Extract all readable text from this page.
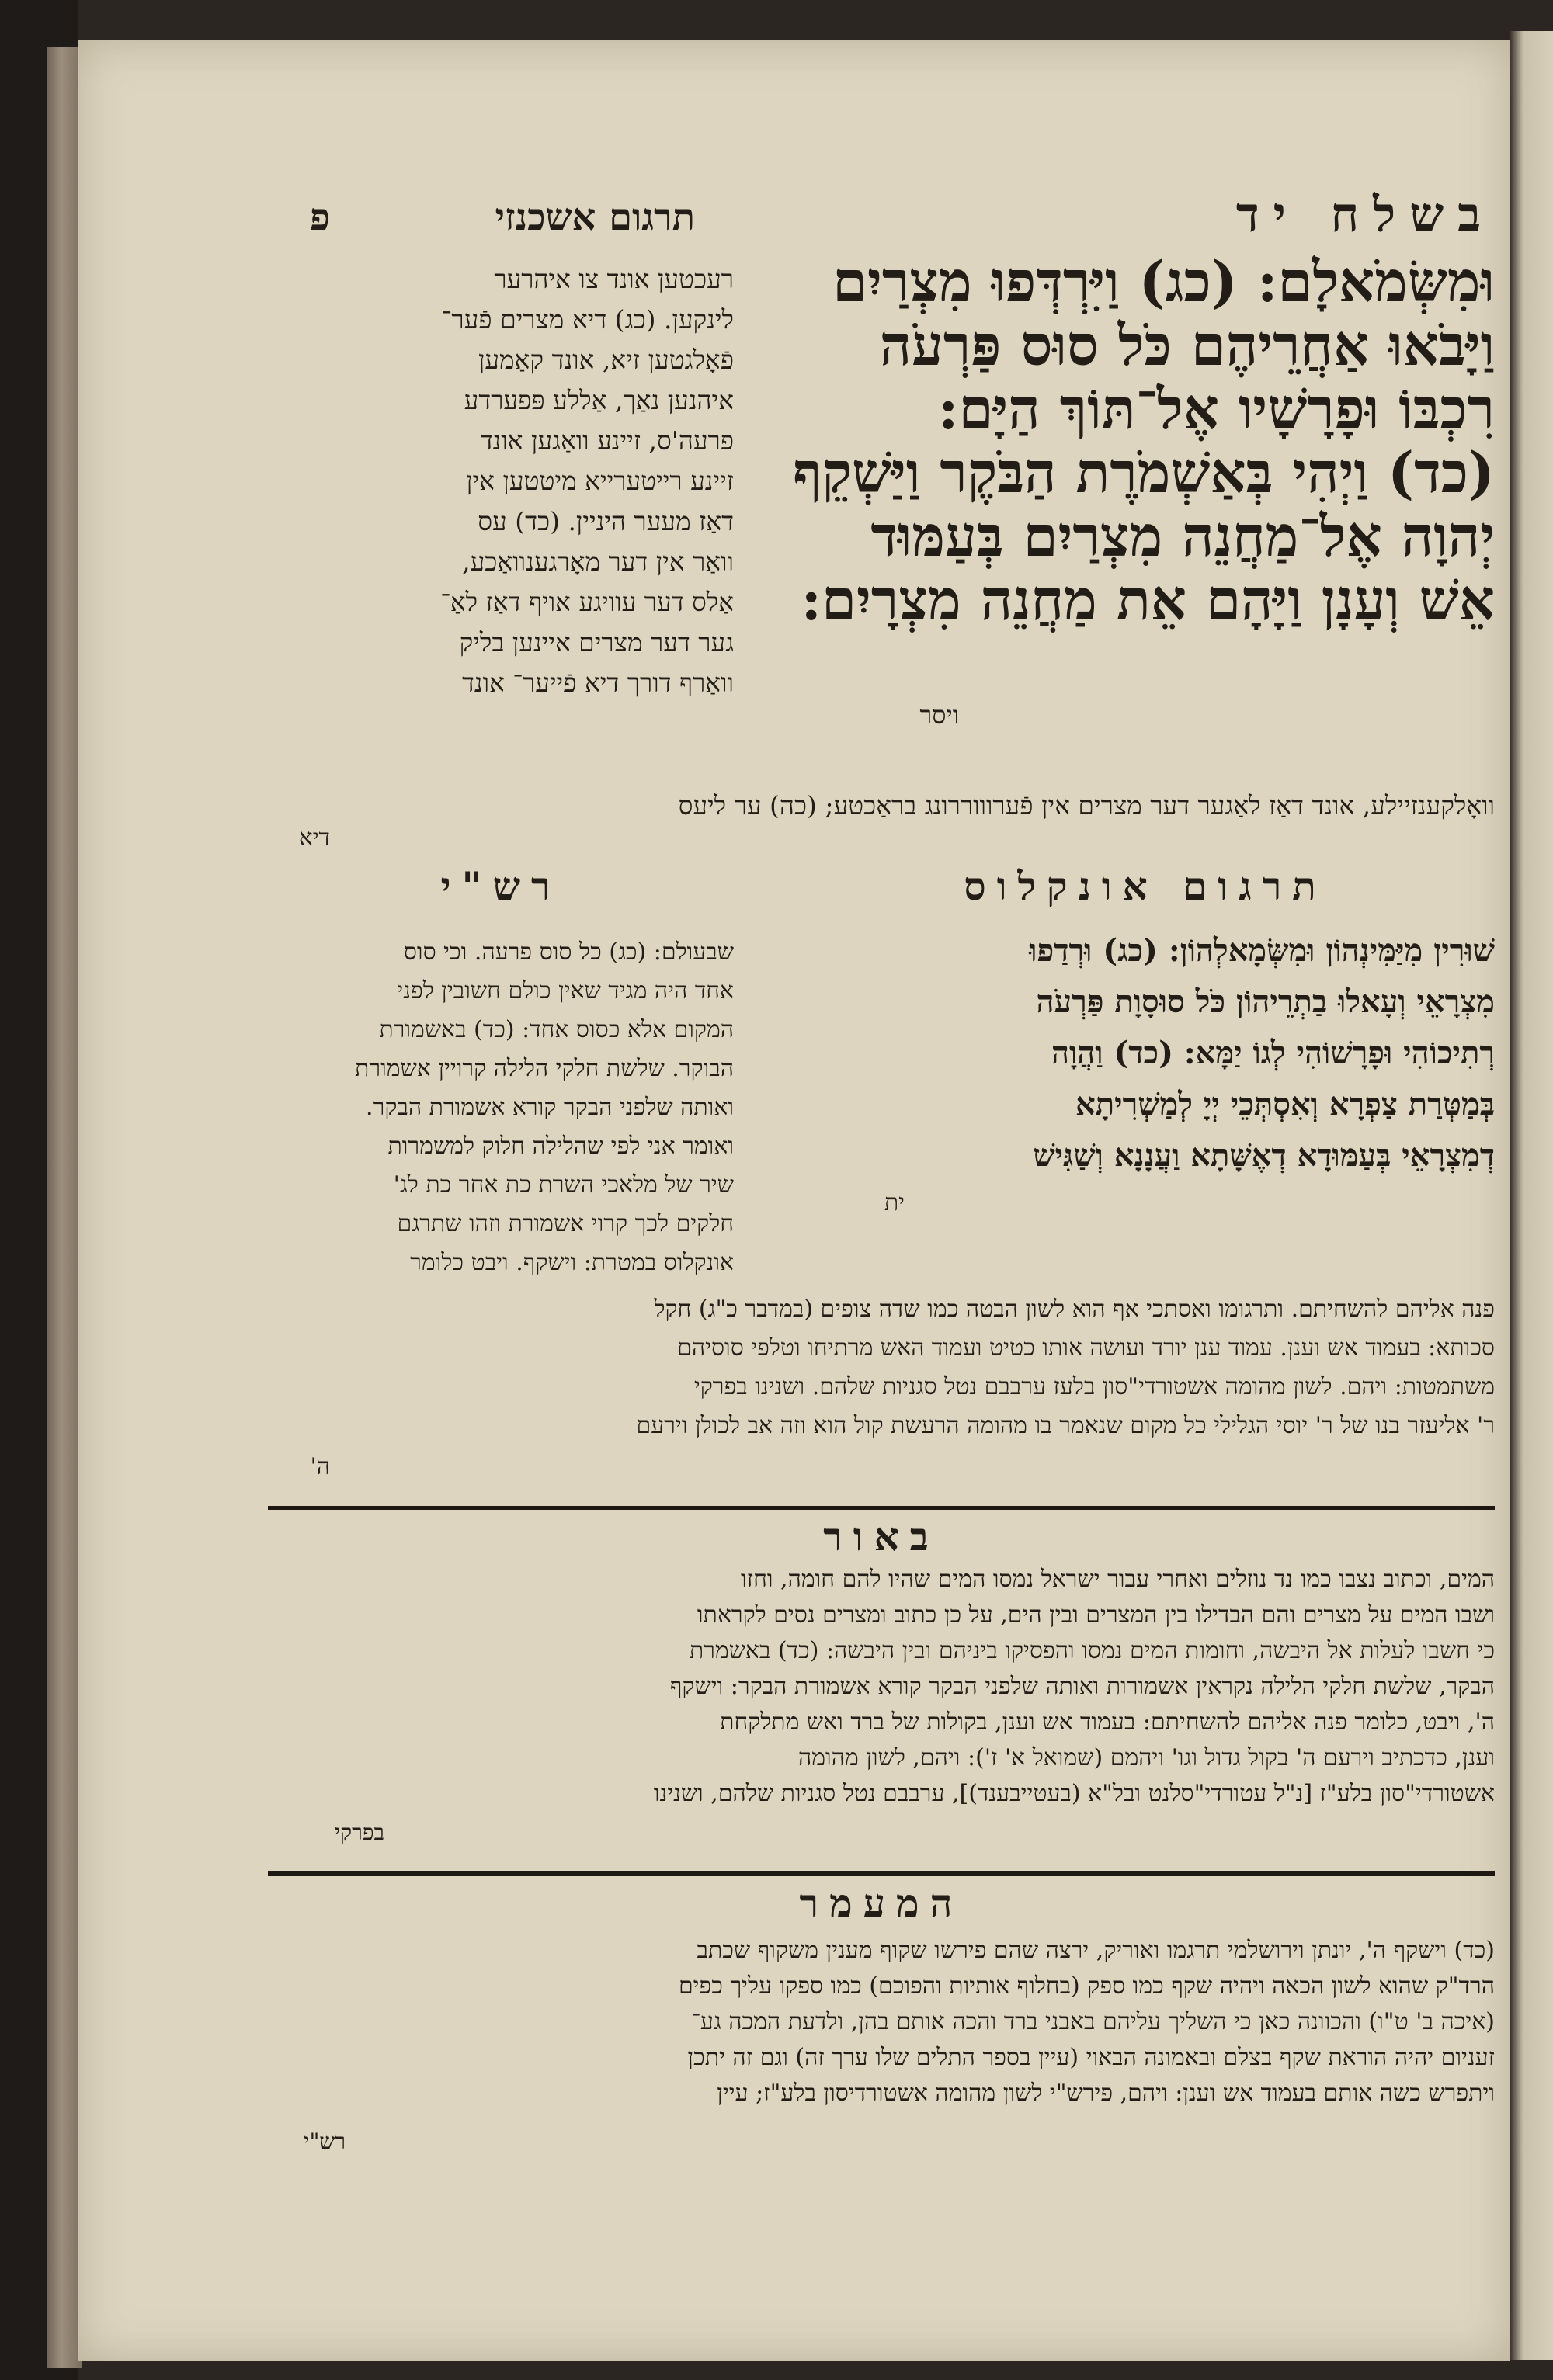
בשלח יד
תרגום אשכנזי
פ
וּמִשְּׂמֹאלָם: (כג) וַיִּרְדְּפוּ מִצְרַיִם
וַיָּבֹאוּ אַחֲרֵיהֶם כֹּל סוּס פַּרְעֹה
רִכְבּוֹ וּפָרָשָׁיו אֶל־תּוֹךְ הַיָּם:
(כד) וַיְהִי בְּאַשְׁמֹרֶת הַבֹּקֶר וַיַּשְׁקֵף
יְהוָה אֶל־מַחֲנֵה מִצְרַיִם בְּעַמּוּד
אֵשׁ וְעָנָן וַיָּהָם אֵת מַחֲנֵה מִצְרָיִם:
ויסר
רעכטען אונד צו איהרער
לינקען. (כג) דיא מצרים פֿער־
פֿאָלגטען זיא, אונד קאַמען
איהנען נאַך, אַללע פּפערדע
פרעה'ס, זיינע וואַגען אונד
זיינע רייטערייא מיטטען אין
דאַז מעער היניין. (כד) עס
וואַר אין דער מאָרגענוואַכע,
אַלס דער עוויגע אויף דאַז לאַ־
גער דער מצרים איינען בליק
וואַרף דורך דיא פֿייער־ אונד
וואָלקענזיילע, אונד דאַז לאַגער דער מצרים אין פֿערוווררונג בראַכטע; (כה) ער ליעס
דיא
תרגום אונקלוס
רש"י
שׁוּרִין מִיַּמִּינְהוֹן וּמִשְּׂמָאלְהוֹן: (כג) וּרְדַפוּ
מִצְרָאֵי וְעָאלוּ בַתְרֵיהוֹן כֹּל סוּסָוָת פַּרְעֹה
רְתִיכוֹהִי וּפָרָשׁוֹהִי לְגוֹ יַמָּא: (כד) וַהֲוָה
בְּמַטְּרַת צַפְרָא וְאִסְתְּכֵי יְיָ לְמַשְׁרִיתָא
דְמִצְרָאֵי בְּעַמּוּדָא דְאֶשָּׁתָא וַעֲנָנָא וְשַׁגִּישׁ
ית
שבעולם: (כג) כל סוס פרעה. וכי סוס
אחד היה מגיד שאין כולם חשובין לפני
המקום אלא כסוס אחד: (כד) באשמורת
הבוקר. שלשת חלקי הלילה קרויין אשמורת
ואותה שלפני הבקר קורא אשמורת הבקר.
ואומר אני לפי שהלילה חלוק למשמרות
שיר של מלאכי השרת כת אחר כת לג'
חלקים לכך קרוי אשמורת וזהו שתרגם
אונקלוס במטרת: וישקף. ויבט כלומר
פנה אליהם להשחיתם. ותרגומו ואסתכי אף הוא לשון הבטה כמו שדה צופים (במדבר כ"ג) חקל
סכותא: בעמוד אש וענן. עמוד ענן יורד ועושה אותו כטיט ועמוד האש מרתיחו וטלפי סוסיהם
משתמטות: ויהם. לשון מהומה אשטורדי"סון בלעז ערבבם נטל סגניות שלהם. ושנינו בפרקי
ר' אליעזר בנו של ר' יוסי הגלילי כל מקום שנאמר בו מהומה הרעשת קול הוא וזה אב לכולן וירעם
ה'
באור
המים, וכתוב נצבו כמו נד נוזלים ואחרי עבור ישראל נמסו המים שהיו להם חומה, וחזו
ושבו המים על מצרים והם הבדילו בין המצרים ובין הים, על כן כתוב ומצרים נסים לקראתו
כי חשבו לעלות אל היבשה, וחומות המים נמסו והפסיקו ביניהם ובין היבשה: (כד) באשמרת
הבקר, שלשת חלקי הלילה נקראין אשמורות ואותה שלפני הבקר קורא אשמורת הבקר: וישקף
ה', ויבט, כלומר פנה אליהם להשחיתם: בעמוד אש וענן, בקולות של ברד ואש מתלקחת
וענן, כדכתיב וירעם ה' בקול גדול וגו' ויהמם (שמואל א' ז'): ויהם, לשון מהומה
אשטורדי"סון בלע"ז [נ"ל עטורדי"סלנט ובל"א (בעטייבענד)], ערבבם נטל סגניות שלהם, ושנינו
בפרקי
המעמר
(כד) וישקף ה', יונתן וירושלמי תרגמו ואוריק, ירצה שהם פירשו שקוף מענין משקוף שכתב
הרד"ק שהוא לשון הכאה ויהיה שקף כמו ספק (בחלוף אותיות והפוכם) כמו ספקו עליך כפים
(איכה ב' ט"ו) והכוונה כאן כי השליך עליהם באבני ברד והכה אותם בהן, ולדעת המכה גע־
זעניום יהיה הוראת שקף בצלם ובאמונה הבאוי (עיין בספר התלים שלו ערך זה) וגם זה יתכן
ויתפרש כשה אותם בעמוד אש וענן: ויהם, פירש"י לשון מהומה אשטורדיסון בלע"ז; עיין
רש"י
